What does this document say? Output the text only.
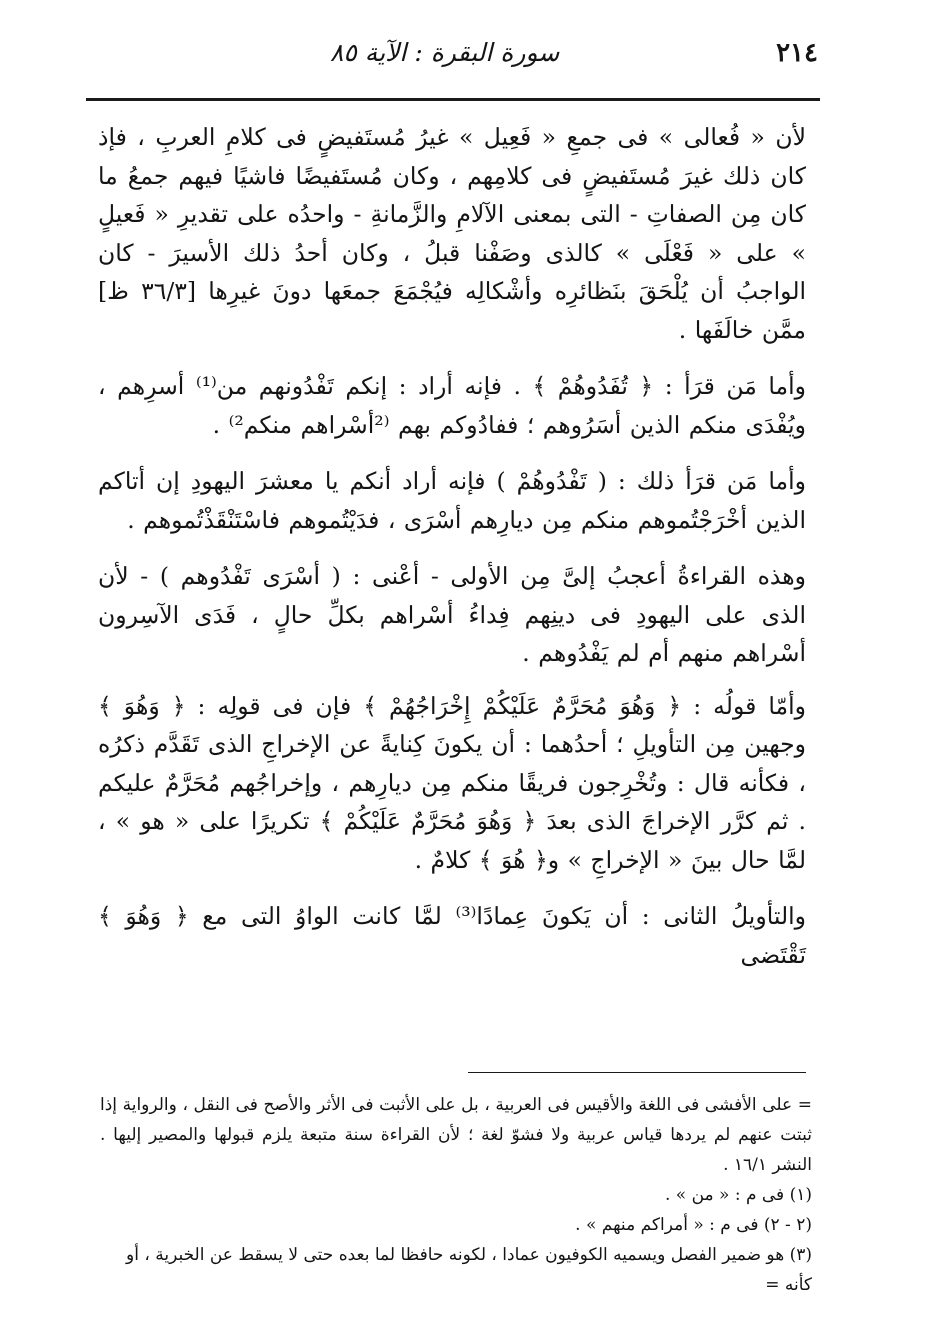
٢١٤
سورة البقرة : الآية ٨٥

لأن « فُعالى » فى جمعِ « فَعِيل » غيرُ مُستَفيضٍ فى كلامِ العربِ ، فإذ كان ذلك غيرَ مُستَفيضٍ فى كلامِهم ، وكان مُستَفيضًا فاشيًا فيهم جمعُ ما كان مِن الصفاتِ - التى بمعنى الآلامِ والزَّمانةِ - واحدُه على تقديرِ « فَعيلٍ » على « فَعْلَى » كالذى وصَفْنا قبلُ ، وكان أحدُ ذلك الأسيرَ - كان الواجبُ أن يُلْحَقَ بنَظائرِه وأشْكالِه فيُجْمَعَ جمعَها دونَ غيرِها [٣٦/٣ ظ] ممَّن خالَفَها .

وأما مَن قرَأ : ﴿ تُفَدُوهُمْ ﴾ . فإنه أراد : إنكم تَفْدُونهم من⁽¹⁾ أسرِهم ، ويُفْدَى منكم الذين أسَرُوهم ؛ ففادُوكم بهم ⁽²أسْراهم منكم²⁾ .

وأما مَن قرَأ ذلك : ( تَفْدُوهُمْ ) فإنه أراد أنكم يا معشرَ اليهودِ إن أتاكم الذين أخْرَجْتُموهم منكم مِن ديارِهم أسْرَى ، فدَيْتُموهم فاسْتَنْقَذْتُموهم .

وهذه القراءةُ أعجبُ إلىَّ مِن الأولى - أعْنى : ( أسْرَى تَفْدُوهم ) - لأن الذى على اليهودِ فى دينِهم فِداءُ أسْراهم بكلِّ حالٍ ، فَدَى الآسِرون أسْراهم منهم أم لم يَفْدُوهم .

وأمّا قولُه : ﴿ وَهُوَ مُحَرَّمٌ عَلَيْكُمْ إِخْرَاجُهُمْ ﴾ فإن فى قولِه : ﴿ وَهُوَ ﴾ وجهين مِن التأويلِ ؛ أحدُهما : أن يكونَ كِنايةً عن الإخراجِ الذى تَقَدَّم ذكرُه ، فكأنه قال : وتُخْرِجون فريقًا منكم مِن ديارِهم ، وإخراجُهم مُحَرَّمٌ عليكم . ثم كرَّر الإخراجَ الذى بعدَ ﴿ وَهُوَ مُحَرَّمٌ عَلَيْكُمْ ﴾ تكريرًا على « هو » ، لمَّا حال بينَ « الإخراجِ » و﴿ هُوَ ﴾ كلامٌ .

والتأويلُ الثانى : أن يَكونَ عِمادًا⁽³⁾ لمَّا كانت الواوُ التى مع ﴿ وَهُوَ ﴾ تَقْتَضى

= على الأفشى فى اللغة والأقيس فى العربية ، بل على الأثبت فى الأثر والأصح فى النقل ، والرواية إذا ثبتت عنهم لم يردها قياس عربية ولا فشوّ لغة ؛ لأن القراءة سنة متبعة يلزم قبولها والمصير إليها . النشر ١٦/١ .

(١) فى م : « من » .

(٢ - ٢) فى م : « أمراكم منهم » .

(٣) هو ضمير الفصل ويسميه الكوفيون عمادا ، لكونه حافظا لما بعده حتى لا يسقط عن الخبرية ، أو كأنه =
